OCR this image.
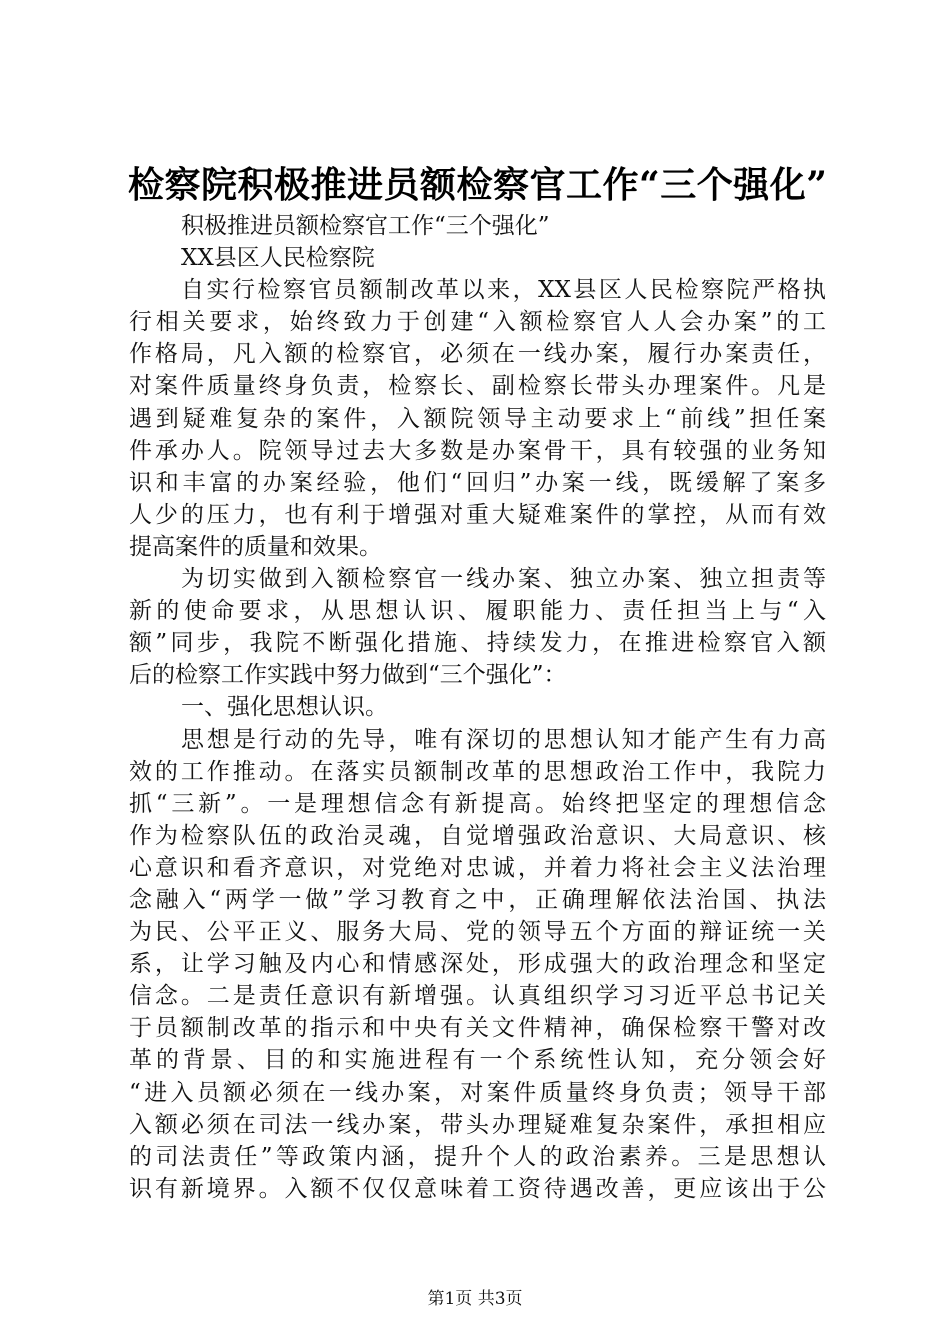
检察院积极推进员额检察官工作“三个强化”
积极推进员额检察官工作“三个强化”
XX县区人民检察院
自实行检察官员额制改革以来，XX县区人民检察院严格执
行相关要求，始终致力于创建“入额检察官人人会办案”的工
作格局，凡入额的检察官，必须在一线办案，履行办案责任，
对案件质量终身负责，检察长、副检察长带头办理案件。凡是
遇到疑难复杂的案件，入额院领导主动要求上“前线”担任案
件承办人。院领导过去大多数是办案骨干，具有较强的业务知
识和丰富的办案经验，他们“回归”办案一线，既缓解了案多
人少的压力，也有利于增强对重大疑难案件的掌控，从而有效
提高案件的质量和效果。
为切实做到入额检察官一线办案、独立办案、独立担责等
新的使命要求，从思想认识、履职能力、责任担当上与“入
额”同步，我院不断强化措施、持续发力，在推进检察官入额
后的检察工作实践中努力做到“三个强化”：
一、强化思想认识。
思想是行动的先导，唯有深切的思想认知才能产生有力高
效的工作推动。在落实员额制改革的思想政治工作中，我院力
抓“三新”。一是理想信念有新提高。始终把坚定的理想信念
作为检察队伍的政治灵魂，自觉增强政治意识、大局意识、核
心意识和看齐意识，对党绝对忠诚，并着力将社会主义法治理
念融入“两学一做”学习教育之中，正确理解依法治国、执法
为民、公平正义、服务大局、党的领导五个方面的辩证统一关
系，让学习触及内心和情感深处，形成强大的政治理念和坚定
信念。二是责任意识有新增强。认真组织学习习近平总书记关
于员额制改革的指示和中央有关文件精神，确保检察干警对改
革的背景、目的和实施进程有一个系统性认知，充分领会好
“进入员额必须在一线办案，对案件质量终身负责；领导干部
入额必须在司法一线办案，带头办理疑难复杂案件，承担相应
的司法责任”等政策内涵，提升个人的政治素养。三是思想认
识有新境界。入额不仅仅意味着工资待遇改善，更应该出于公
第1页 共3页
